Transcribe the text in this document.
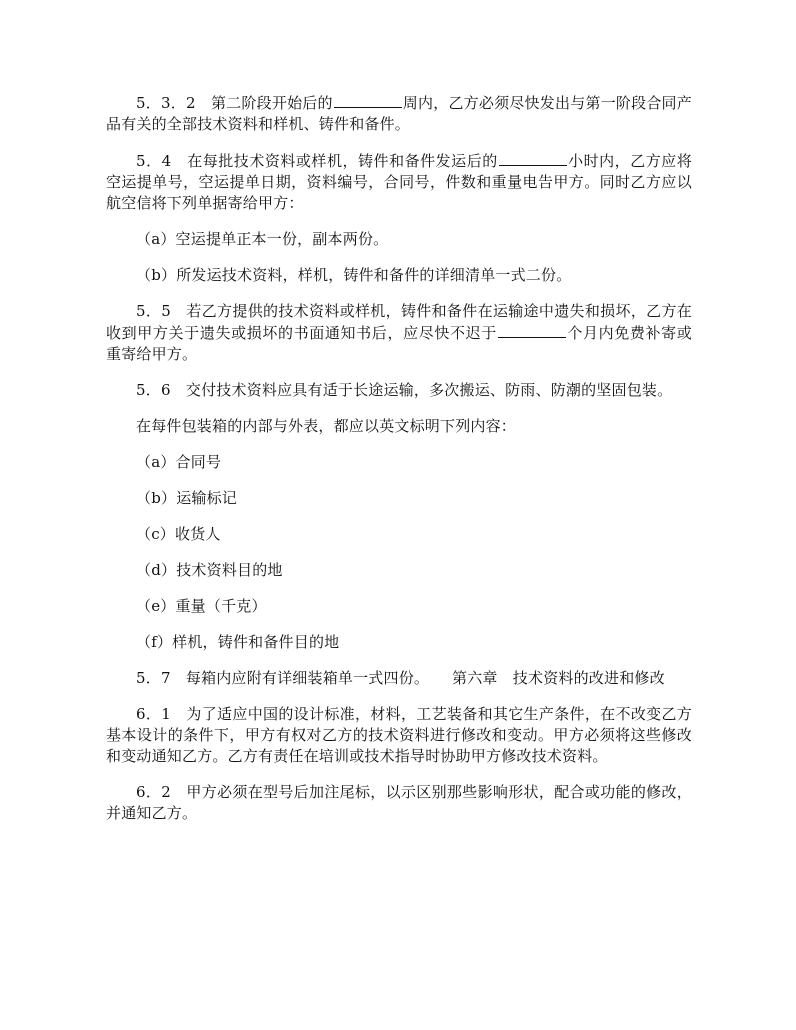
5．3．2　第二阶段开始后的	周内，乙方必须尽快发出与第一阶段合同产品有关的全部技术资料和样机、铸件和备件。

5．4　在每批技术资料或样机，铸件和备件发运后的	小时内，乙方应将空运提单号，空运提单日期，资料编号，合同号，件数和重量电告甲方。同时乙方应以航空信将下列单据寄给甲方：

（a）空运提单正本一份，副本两份。

（b）所发运技术资料，样机，铸件和备件的详细清单一式二份。

5．5　若乙方提供的技术资料或样机，铸件和备件在运输途中遗失和损坏，乙方在收到甲方关于遗失或损坏的书面通知书后，应尽快不迟于	个月内免费补寄或重寄给甲方。

5．6　交付技术资料应具有适于长途运输，多次搬运、防雨、防潮的坚固包装。

在每件包装箱的内部与外表，都应以英文标明下列内容：

（a）合同号

（b）运输标记

（c）收货人

（d）技术资料目的地

（e）重量（千克）

（f）样机，铸件和备件目的地

5．7　每箱内应附有详细装箱单一式四份。　　第六章　技术资料的改进和修改

6．1　为了适应中国的设计标准，材料，工艺装备和其它生产条件，在不改变乙方基本设计的条件下，甲方有权对乙方的技术资料进行修改和变动。甲方必须将这些修改和变动通知乙方。乙方有责任在培训或技术指导时协助甲方修改技术资料。

6．2　甲方必须在型号后加注尾标，以示区别那些影响形状，配合或功能的修改，并通知乙方。
